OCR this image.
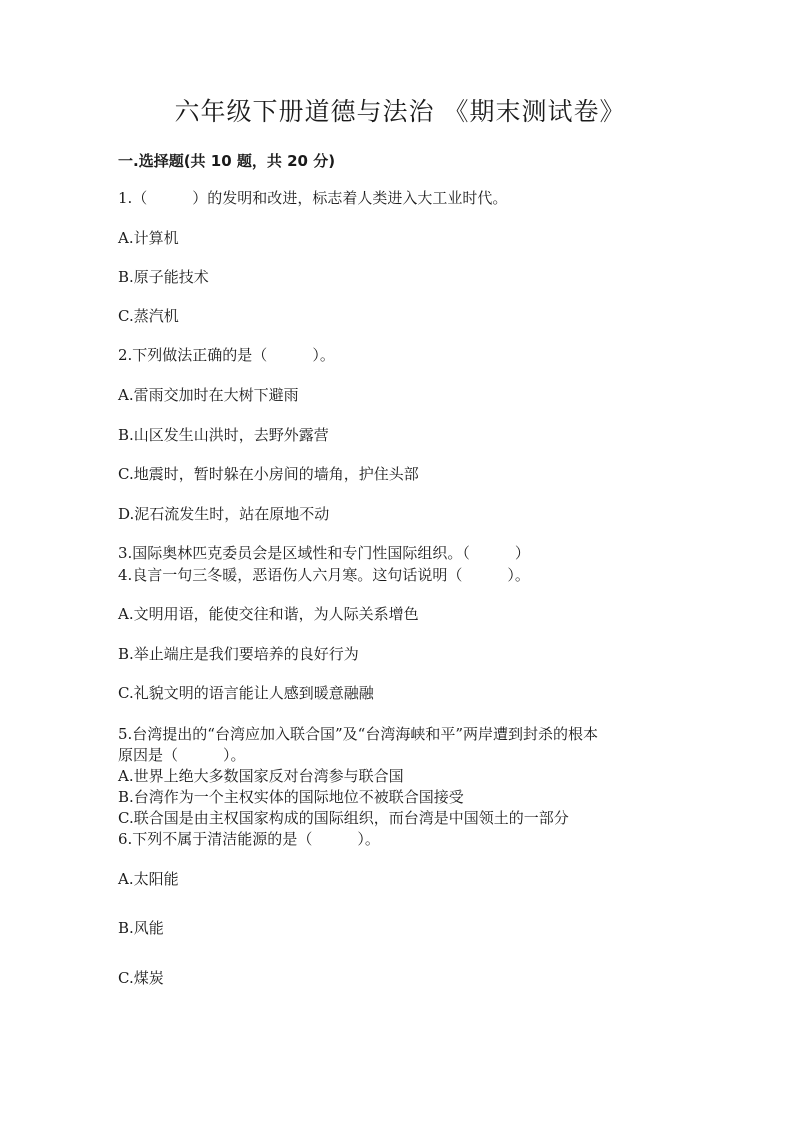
六年级下册道德与法治 《期末测试卷》
一.选择题(共 10 题，共 20 分)
1.（　　　）的发明和改进，标志着人类进入大工业时代。
A.计算机
B.原子能技术
C.蒸汽机
2.下列做法正确的是（　　　）。
A.雷雨交加时在大树下避雨
B.山区发生山洪时，去野外露营
C.地震时，暂时躲在小房间的墙角，护住头部
D.泥石流发生时，站在原地不动
3.国际奥林匹克委员会是区域性和专门性国际组织。（　　　）
4.良言一句三冬暖，恶语伤人六月寒。这句话说明（　　　）。
A.文明用语，能使交往和谐，为人际关系增色
B.举止端庄是我们要培养的良好行为
C.礼貌文明的语言能让人感到暖意融融
5.台湾提出的“台湾应加入联合国”及“台湾海峡和平”两岸遭到封杀的根本
原因是（　　　）。
A.世界上绝大多数国家反对台湾参与联合国
B.台湾作为一个主权实体的国际地位不被联合国接受
C.联合国是由主权国家构成的国际组织，而台湾是中国领土的一部分
6.下列不属于清洁能源的是（　　　）。
A.太阳能
B.风能
C.煤炭
